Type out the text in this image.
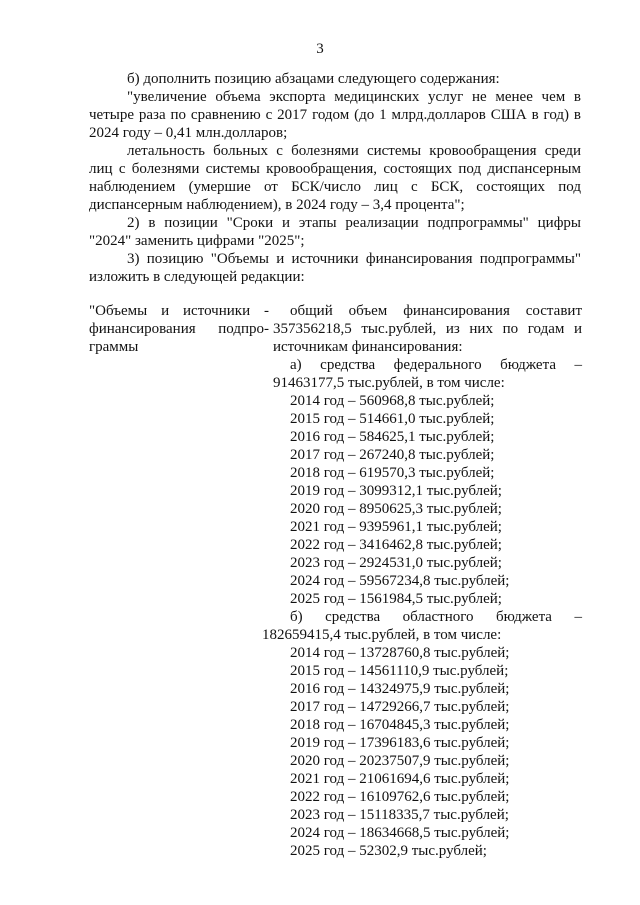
3
б) дополнить позицию абзацами следующего содержания:
"увеличение объема экспорта медицинских услуг не менее чем в четыре раза по сравнению с 2017 годом (до 1 млрд.долларов США в год) в 2024 году – 0,41 млн.долларов;
летальность больных с болезнями системы кровообращения среди лиц с болезнями системы кровообращения, состоящих под диспансерным наблюдением (умершие от БСК/число лиц с БСК, состоящих под диспансерным наблюдением), в 2024 году – 3,4 процента";
2) в позиции "Сроки и этапы реализации подпрограммы" цифры "2024" заменить цифрами "2025";
3) позицию "Объемы и источники финансирования подпрограммы" изложить в следующей редакции:
"Объемы и источники - финансирования подпро- граммы
общий объем финансирования составит 357356218,5 тыс.рублей, из них по годам и источникам финансирования:
а) средства федерального бюджета –
91463177,5 тыс.рублей, в том числе:
2014 год – 560968,8 тыс.рублей;
2015 год – 514661,0 тыс.рублей;
2016 год – 584625,1 тыс.рублей;
2017 год – 267240,8 тыс.рублей;
2018 год – 619570,3 тыс.рублей;
2019 год – 3099312,1 тыс.рублей;
2020 год – 8950625,3 тыс.рублей;
2021 год – 9395961,1 тыс.рублей;
2022 год – 3416462,8 тыс.рублей;
2023 год – 2924531,0 тыс.рублей;
2024 год – 59567234,8 тыс.рублей;
2025 год – 1561984,5 тыс.рублей;
б) средства областного бюджета –
182659415,4 тыс.рублей, в том числе:
2014 год – 13728760,8 тыс.рублей;
2015 год – 14561110,9 тыс.рублей;
2016 год – 14324975,9 тыс.рублей;
2017 год – 14729266,7 тыс.рублей;
2018 год – 16704845,3 тыс.рублей;
2019 год – 17396183,6 тыс.рублей;
2020 год – 20237507,9 тыс.рублей;
2021 год – 21061694,6 тыс.рублей;
2022 год – 16109762,6 тыс.рублей;
2023 год – 15118335,7 тыс.рублей;
2024 год – 18634668,5 тыс.рублей;
2025 год – 52302,9 тыс.рублей;
